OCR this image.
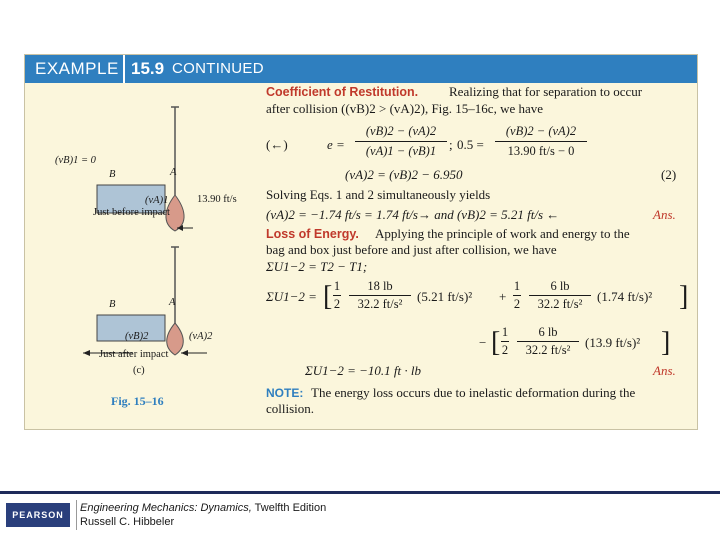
EXAMPLE 15.9 CONTINUED
(vB)1 = 0
B	A
(vA)1	13.90 ft/s
Just before impact
B	A
(vB)2	(vA)2
Just after impact
(c)
Fig. 15–16
Coefficient of Restitution. Realizing that for separation to occur
after collision ((vB)2 > (vA)2), Fig. 15–16c, we have
(←)	e =
(vB)2 − (vA)2
(vA)1 − (vB)1 ; 0.5 =
(vB)2 − (vA)2
13.90 ft/s − 0
(vA)2 = (vB)2 − 6.950	(2)
Solving Eqs. 1 and 2 simultaneously yields
(vA)2 = −1.74 ft/s = 1.74 ft/s→ and (vB)2 = 5.21 ft/s ←	Ans.
Loss of Energy. Applying the principle of work and energy to the
bag and box just before and just after collision, we have
ΣU1−2 = T2 − T1;
ΣU1−2 = [ 1
2
18 lb
32.2 ft/s²	(5.21 ft/s)² +
1
2
6 lb
32.2 ft/s²	(1.74 ft/s)² ]
− [ 1
2
6 lb
32.2 ft/s²	(13.9 ft/s)² ]
ΣU1−2 = −10.1 ft · lb	Ans.
NOTE: The energy loss occurs due to inelastic deformation during the
collision.
PEARSON
Engineering Mechanics: Dynamics, Twelfth Edition
Russell C. Hibbeler
